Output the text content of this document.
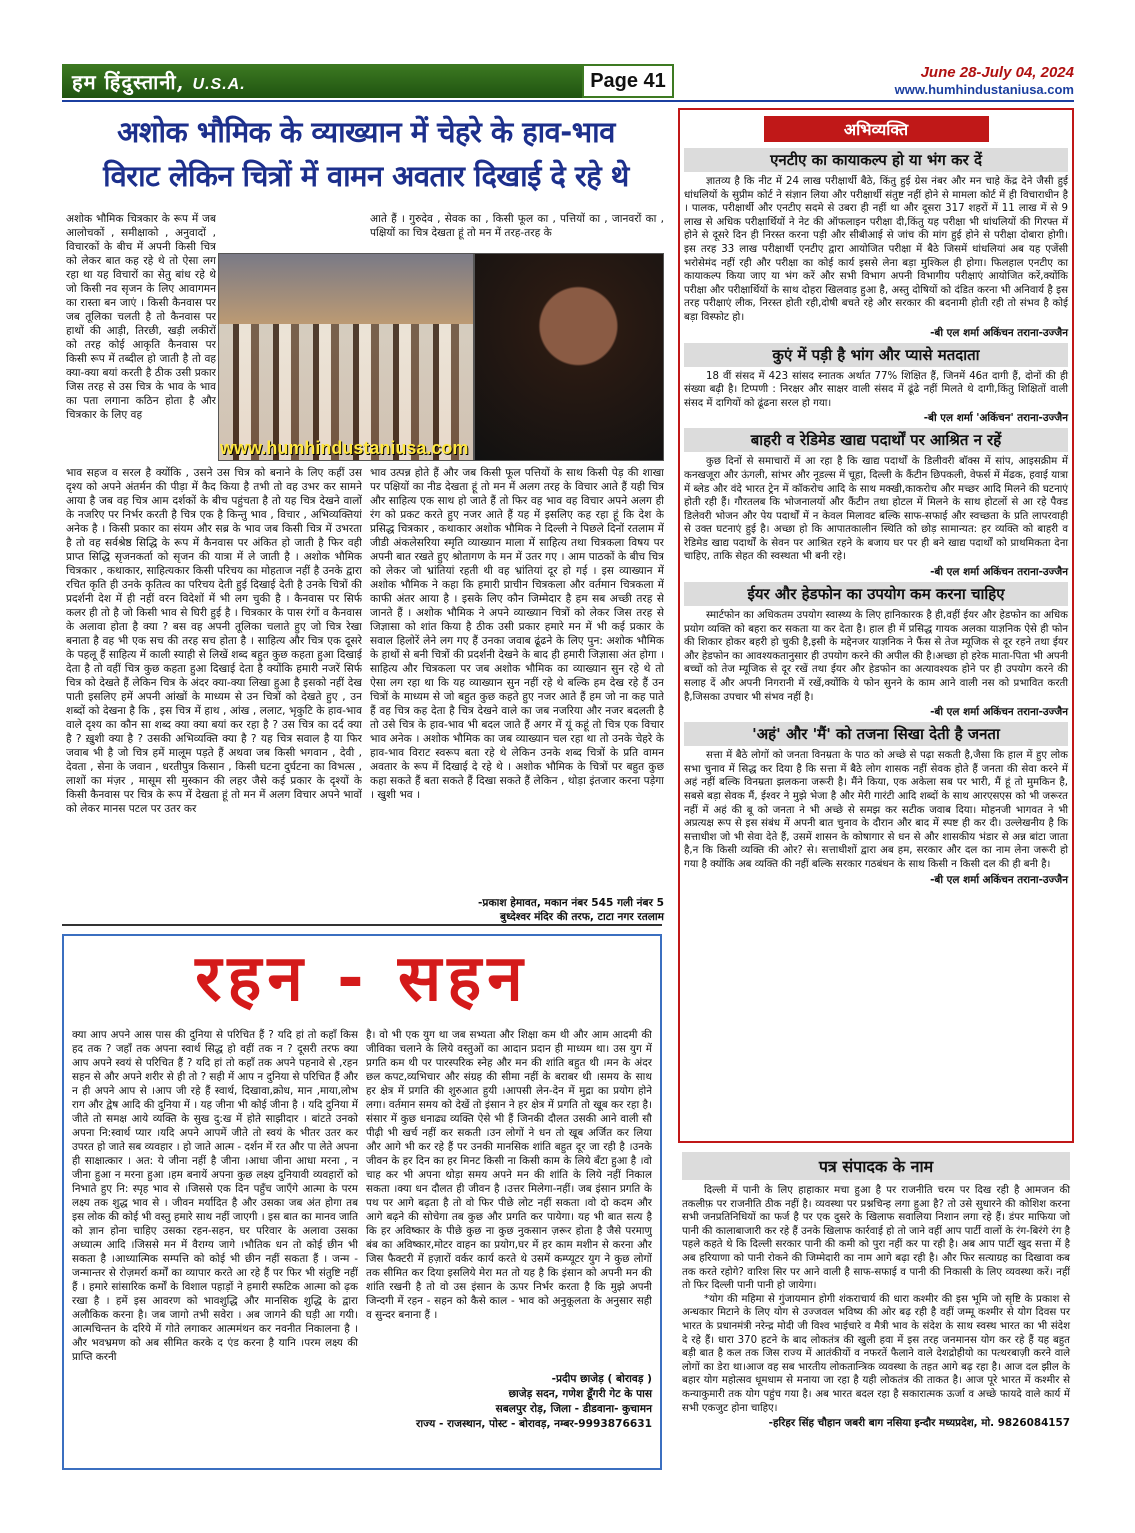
हम हिंदुस्तानी, U.S.A.	Page 41	June 28-July 04, 2024
www.humhindustaniusa.com
अशोक भौमिक के व्याख्यान में चेहरे के हाव-भाव
विराट लेकिन चित्रों में वामन अवतार दिखाई दे रहे थे
अशोक भौमिक चित्रकार के रूप में जब आलोचकों , समीक्षाको , अनुवादों , विचारकों के बीच में अपनी किसी चित्र को लेकर बात कह रहे थे तो ऐसा लग रहा था यह विचारों का सेतु बांध रहे थे जो किसी नव सृजन के लिए आवागमन का रास्ता बन जाएं । किसी कैनवास पर जब तूलिका चलती है तो कैनवास पर हाथों की आड़ी, तिरछी, खड़ी लकीरों को तरह कोई आकृति कैनवास पर किसी रूप में तब्दील हो जाती है तो वह क्या-क्या बयां करती है ठीक उसी प्रकार जिस तरह से उस चित्र के भाव के भाव का पता लगाना कठिन होता है और चित्रकार के लिए वह
आते हैं । गुरुदेव , सेवक का , किसी फूल का , पत्तियों का , जानवरों का , पक्षियों का चित्र देखता हूं तो मन में तरह-तरह के
www.humhindustaniusa.com
भाव सहज व सरल है क्योंकि , उसने उस चित्र को बनाने के लिए कहीं उस दृश्य को अपने अंतर्मन की पीड़ा में कैद किया है तभी तो वह उभर कर सामने आया है जब वह चित्र आम दर्शकों के बीच पहुंचता है तो यह चित्र देखने वालों के नजरिए पर निर्भर करती है चित्र एक है किन्तु भाव , विचार , अभिव्यक्तियां अनेक है । किसी प्रकार का संयम और सब्र के भाव जब किसी चित्र में उभरता है तो वह सर्वश्रेष्ठ सिद्धि के रूप में कैनवास पर अंकित हो जाती है फिर वही प्राप्त सिद्धि सृजनकर्ता को सृजन की यात्रा में ले जाती है । अशोक भौमिक चित्रकार , कथाकार, साहित्यकार किसी परिचय का मोहताज नहीं है उनके द्वारा रचित कृति ही उनके कृतित्व का परिचय देती हुई दिखाई देती है उनके चित्रों की प्रदर्शनी देश में ही नहीं वरन विदेशों में भी लग चुकी है । कैनवास पर सिर्फ कलर ही तो है जो किसी भाव से घिरी हुई है । चित्रकार के पास रंगों व कैनवास के अलावा होता है क्या ? बस वह अपनी तूलिका चलाते हुए जो चित्र रेखा बनाता है वह भी एक सच की तरह सच होता है । साहित्य और चित्र एक दूसरे के पहलू हैं साहित्य में काली स्याही से लिखें शब्द बहुत कुछ कहता हुआ दिखाई देता है तो वहीं चित्र कुछ कहता हुआ दिखाई देता है क्योंकि हमारी नजरें सिर्फ चित्र को देखते हैं लेकिन चित्र के अंदर क्या-क्या लिखा हुआ है इसको नहीं देख पाती इसलिए हमें अपनी आंखों के माध्यम से उन चित्रों को देखते हुए , उन शब्दों को देखना है कि , इस चित्र में हाथ , आंख , ललाट, भृकुटि के हाव-भाव वाले दृश्य का कौन सा शब्द क्या क्या बयां कर रहा है ? उस चित्र का दर्द क्या है ? ख़ुशी क्या है ? उसकी अभिव्यक्ति क्या है ? यह चित्र सवाल है या फिर जवाब भी है जो चित्र हमें मालूम पड़ते हैं अथवा जब किसी भगवान , देवी , देवता , सेना के जवान , धरतीपुत्र किसान , किसी घटना दुर्घटना का विभत्स , लाशों का मंज़र , मासूम सी मुस्कान की लहर जैसे कई प्रकार के दृश्यों के किसी कैनवास पर चित्र के रूप में देखता हूं तो मन में अलग विचार अपने भावों को लेकर मानस पटल पर उतर कर
भाव उत्पन्न होते हैं और जब किसी फूल पत्तियों के साथ किसी पेड़ की शाखा पर पक्षियों का नीड देखता हूं तो मन में अलग तरह के विचार आते हैं यही चित्र और साहित्य एक साथ हो जाते हैं तो फिर वह भाव वह विचार अपने अलग ही रंग को प्रकट करते हुए नजर आते हैं यह में इसलिए कह रहा हूं कि देश के प्रसिद्ध चित्रकार , कथाकार अशोक भौमिक ने दिल्ली ने पिछले दिनों रतलाम में जीडी अंकलेसरिया स्मृति व्याख्यान माला में साहित्य तथा चित्रकला विषय पर अपनी बात रखते हुए श्रोतागण के मन में उतर गए । आम पाठकों के बीच चित्र को लेकर जो भ्रांतियां रहती थी वह भ्रांतियां दूर हो गई । इस व्याख्यान में अशोक भौमिक ने कहा कि हमारी प्राचीन चित्रकला और वर्तमान चित्रकला में काफी अंतर आया है । इसके लिए कौन जिम्मेदार है हम सब अच्छी तरह से जानते हैं । अशोक भौमिक ने अपने व्याख्यान चित्रों को लेकर जिस तरह से जिज्ञासा को शांत किया है ठीक उसी प्रकार हमारे मन में भी कई प्रकार के सवाल हिलोरें लेने लग गए हैं उनका जवाब ढूंढने के लिए पुन: अशोक भौमिक के हाथों से बनी चित्रों की प्रदर्शनी देखने के बाद ही हमारी जिज्ञासा अंत होगा । साहित्य और चित्रकला पर जब अशोक भौमिक का व्याख्यान सुन रहे थे तो ऐसा लग रहा था कि यह व्याख्यान सुन नहीं रहे थे बल्कि हम देख रहे हैं उन चित्रों के माध्यम से जो बहुत कुछ कहते हुए नजर आते हैं हम जो ना कह पाते हैं वह चित्र कह देता है चित्र देखने वाले का जब नजरिया और नजर बदलती है तो उसे चित्र के हाव-भाव भी बदल जाते हैं अगर में यूं कहूं तो चित्र एक विचार भाव अनेक । अशोक भौमिक का जब व्याख्यान चल रहा था तो उनके चेहरे के हाव-भाव विराट स्वरूप बता रहे थे लेकिन उनके शब्द चित्रों के प्रति वामन अवतार के रूप में दिखाई दे रहे थे । अशोक भौमिक के चित्रों पर बहुत कुछ कहा सकते हैं बता सकते हैं दिखा सकते हैं लेकिन , थोड़ा इंतजार करना पड़ेगा । खुशी भव ।
-प्रकाश हेमावत, मकान नंबर 545 गली नंबर 5
बुध्देश्वर मंदिर की तरफ, टाटा नगर रतलाम
अभिव्यक्ति
एनटीए का कायाकल्प हो या भंग कर दें

ज्ञातव्य है कि नीट में 24 लाख परीक्षार्थी बैठे, किंतु हुई ग्रेस नंबर और मन चाहे केंद्र देने जैसी हुई धांधलियों के सुप्रीम कोर्ट ने संज्ञान लिया और परीक्षार्थी संतुष्ट नहीं होने से मामला कोर्ट में ही विचाराधीन है । पालक, परीक्षार्थी और एनटीए सदमे से उबरा ही नहीं था और दूसरा 317 शहरों में 11 लाख में से 9 लाख से अधिक परीक्षार्थियों ने नेट की ऑफलाइन परीक्षा दी,किंतु यह परीक्षा भी धांधलियों की गिरफ्त में होने से दूसरे दिन ही निरस्त करना पड़ी और सीबीआई से जांच की मांग हुई होने से परीक्षा दोबारा होगी। इस तरह 33 लाख परीक्षार्थी एनटीए द्वारा आयोजित परीक्षा में बैठे जिसमें धांधलियां अब यह एजेंसी भरोसेमंद नहीं रही और परीक्षा का कोई कार्य इससे लेना बड़ा मुश्किल ही होगा। फिलहाल एनटीए का कायाकल्प किया जाए या भंग करें और सभी विभाग अपनी विभागीय परीक्षाएं आयोजित करें,क्योंकि परीक्षा और परीक्षार्थियों के साथ दोहरा खिलवाड़ हुआ है, अस्तु दोषियों को दंडित करना भी अनिवार्य है इस तरह परीक्षाएं लीक, निरस्त होती रही,दोषी बचते रहे और सरकार की बदनामी होती रही तो संभव है कोई बड़ा विस्फोट हो।

-बी एल शर्मा अकिंचन तराना-उज्जैन
कुएं में पड़ी है भांग और प्यासे मतदाता

18 वीं संसद में 423 सांसद स्नातक अर्थात 77% शिक्षित हैं, जिनमें 46त दागी हैं, दोनों की ही संख्या बढ़ी है। टिप्पणी : निरक्षर और साक्षर वाली संसद में ढूंढे नहीं मिलते थे दागी,किंतु शिक्षितों वाली संसद में दागियों को ढूंढना सरल हो गया।

-बी एल शर्मा 'अकिंचन' तराना-उज्जैन
बाहरी व रेडिमेड खाद्य पदार्थों पर आश्रित न रहें

कुछ दिनों से समाचारों में आ रहा है कि खाद्य पदार्थों के डिलीवरी बॉक्स में सांप, आइसक्रीम में कनखजूरा और ऊंगली, सांभर और नूडल्स में चूहा, दिल्ली के कैंटीन छिपकली, वेफर्स में मेंढक, हवाई यात्रा में ब्लेड और वंदे भारत ट्रेन में कॉकरोच आदि के साथ मक्खी,काकरोच और मच्छर आदि मिलने की घटनाएं होती रही हैं। गौरतलब कि भोजनालयों और कैंटीन तथा होटल में मिलने के साथ होटलों से आ रहे पैक्ड डिलेवरी भोजन और पेय पदार्थों में न केवल मिलावट बल्कि साफ-सफाई और स्वच्छता के प्रति लापरवाही से उक्त घटनाएं हुई है। अच्छा हो कि आपातकालीन स्थिति को छोड़ सामान्यत: हर व्यक्ति को बाहरी व रेडिमेड खाद्य पदार्थों के सेवन पर आश्रित रहने के बजाय घर पर ही बने खाद्य पदार्थों को प्राथमिकता देना चाहिए, ताकि सेहत की स्वस्थता भी बनी रहे।

-बी एल शर्मा अकिंचन तराना-उज्जैन
ईयर और हेडफोन का उपयोग कम करना चाहिए

स्मार्टफोन का अधिकतम उपयोग स्वास्थ्य के लिए हानिकारक है ही,वहीं ईयर और हेडफोन का अधिक प्रयोग व्यक्ति को बहरा कर सकता या कर देता है। हाल ही में प्रसिद्ध गायक अलका याज्ञनिक ऐसे ही फोन की शिकार होकर बहरी हो चुकी है,इसी के मद्देनजर याज्ञनिक ने फैंस से तेज म्यूजिक से दूर रहने तथा ईयर और हेडफोन का आवश्यकतानुसार ही उपयोग करने की अपील की है।अच्छा हो हरेक माता-पिता भी अपनी बच्चों को तेज म्यूजिक से दूर रखें तथा ईयर और हेडफोन का अत्यावश्यक होने पर ही उपयोग करने की सलाह दें और अपनी निगरानी में रखें,क्योंकि ये फोन सुनने के काम आने वाली नस को प्रभावित करती है,जिसका उपचार भी संभव नहीं है।

-बी एल शर्मा अकिंचन तराना-उज्जैन
'अहं' और 'मैं' को तजना सिखा देती है जनता

सत्ता में बैठे लोगों को जनता विनम्रता के पाठ को अच्छे से पढ़ा सकती है,जैसा कि हाल में हुए लोक सभा चुनाव में सिद्ध कर दिया है कि सत्ता में बैठे लोग शासक नहीं सेवक होते हैं जनता की सेवा करने में अहं नहीं बल्कि विनम्रता झलकना जरूरी है। मैंने किया, एक अकेला सब पर भारी, मैं हूं तो मुमकिन है, सबसे बड़ा सेवक मैं, ईश्वर ने मुझे भेजा है और मेरी गारंटी आदि शब्दों के साथ आरएसएस को भी जरूरत नहीं में अहं की बू को जनता ने भी अच्छे से समझ कर सटीक जवाब दिया। मोहनजी भागवत ने भी अप्रत्यक्ष रूप से इस संबंध में अपनी बात चुनाव के दौरान और बाद में स्पष्ट ही कर दी। उल्लेखनीय है कि सत्ताधीश जो भी सेवा देते हैं, उसमें शासन के कोषागार से धन से और शासकीय भंडार से अन्न बांटा जाता है,न कि किसी व्यक्ति की ओर? से। सत्ताधीशों द्वारा अब हम, सरकार और दल का नाम लेना जरूरी हो गया है क्योंकि अब व्यक्ति की नहीं बल्कि सरकार गठबंधन के साथ किसी न किसी दल की ही बनी है।

-बी एल शर्मा अकिंचन तराना-उज्जैन
पत्र संपादक के नाम

दिल्ली में पानी के लिए हाहाकार मचा हुआ है पर राजनीति चरम पर दिख रही है आमजन की तकलीफ़ पर राजनीति ठीक नहीं है। व्यवस्था पर प्रश्नचिन्ह लगा हुआ है? तो उसे सुधारने की कोशिश करना सभी जनप्रतिनिधियों का फर्ज है पर एक दुसरे के खिलाफ सवालिया निशान लगा रहे हैं। डंपर माफिया जो पानी की कालाबाजारी कर रहे हैं उनके खिलाफ कार्रवाई हो तो जाने वहीं आप पार्टी वालों के रंग-बिरंगे रंग है पहले कहते थे कि दिल्ली सरकार पानी की कमी को पुरा नहीं कर पा रही है। अब आप पार्टी खुद सत्ता में है अब हरियाणा को पानी रोकने की जिम्मेदारी का नाम आगे बढ़ा रही है। और फिर सत्याग्रह का दिखावा कब तक करते रहोगे? वारिश सिर पर आने वाली है साफ-सफाई व पानी की निकासी के लिए व्यवस्था करें। नहीं तो फिर दिल्ली पानी पानी हो जायेगा।

*योग की महिमा से गुंजायमान होगी शंकराचार्य की धारा कश्मीर की इस भूमि जो सृष्टि के प्रकाश से अन्धकार मिटाने के लिए योग से उज्जवल भविष्य की ओर बढ़ रही है वहीं जम्मू कश्मीर से योग दिवस पर भारत के प्रधानमंत्री नरेन्द्र मोदी जी विश्व भाईचारे व मैत्री भाव के संदेश के साथ स्वस्थ भारत का भी संदेश दे रहे हैं। धारा 370 हटने के बाद लोकतंत्र की खुली हवा में इस तरह जनमानस योग कर रहे हैं यह बहुत बड़ी बात है कल तक जिस राज्य में आतंकीयों व नफरतें फैलाने वाले देशद्रोहीयो का पत्थरबाज़ी करने वाले लोगों का डेरा था।आज वह सब भारतीय लोकतान्त्रिक व्यवस्था के तहत आगे बढ़ रहा है। आज दल झील के बहार योग महोत्सव धूमधाम से मनाया जा रहा है यही लोकतंत्र की ताकत है। आज पूरे भारत में कश्मीर से कन्याकुमारी तक योग पहुंच गया है। अब भारत बदल रहा है सकारात्मक ऊर्जा व अच्छे फायदे वाले कार्य में सभी एकजुट होना चाहिए।

-हरिहर सिंह चौहान जबरी बाग नसिया इन्दौर मध्यप्रदेश, मो. 9826084157
रहन - सहन
क्या आप अपने आस पास की दुनिया से परिचित हैं ? यदि हां तो कहाँ किस हद तक ? जहाँ तक अपना स्वार्थ सिद्ध हो वहीं तक न ? दूसरी तरफ क्या आप अपने स्वयं से परिचित हैं ? यदि हां तो कहाँ तक अपने पहनावे से ,रहन सहन से और अपने शरीर से ही तो ? सही में आप न दुनिया से परिचित हैं और न ही अपने आप से ।आप जी रहे हैं स्वार्थ, दिखावा,क्रोध, मान ,माया,लोभ राग और द्वेष आदि की दुनिया में । यह जीना भी कोई जीना है । यदि दुनिया में जीते तो समक्ष आये व्यक्ति के सुख दु:ख में होते साझीदार । बांटते उनको अपना नि:स्वार्थ प्यार ।यदि अपने आपमें जीते तो स्वयं के भीतर उतर कर उपरत हो जाते सब व्यवहार । हो जाते आत्म - दर्शन में रत और पा लेते अपना ही साक्षात्कार । अत: ये जीना नहीं है जीना ।आधा जीना आधा मरना , न जीना हुआ न मरना हुआ ।हम बनायें अपना कुछ लक्ष्य दुनियावी व्यवहारों को निभाते हुए नि: स्पृह भाव से ।जिससे एक दिन पहुँच जाएँगे आत्मा के परम लक्ष्य तक शुद्ध भाव से । जीवन मर्यादित है और उसका जब अंत होगा तब इस लोक की कोई भी वस्तु हमारे साथ नहीं जाएगी । इस बात का मानव जाति को ज्ञान होना चाहिए उसका रहन-सहन, घर परिवार के अलावा उसका अध्यात्म आदि ।जिससे मन में वैराग्य जागे ।भौतिक धन तो कोई छीन भी सकता है ।आध्यात्मिक सम्पत्ति को कोई भी छीन नहीं सकता हैं । जन्म - जन्मान्तर से रोज़मर्रा कर्मों का व्यापार करते आ रहे हैं पर फिर भी संतुष्टि नहीं हैं । हमारे सांसारिक कर्मों के विशाल पहाड़ों ने हमारी स्फटिक आत्मा को ढ़क रखा है । हमें इस आवरण को भावशुद्धि और मानसिक शुद्धि के द्वारा अलौकिक करना है। जब जागो तभी सवेरा । अब जागने की घड़ी आ गयी। आत्मचिन्तन के दरिये में गोते लगाकर आत्ममंथन कर नवनीत निकालना है ।और भवभ्रमण को अब सीमित करके द एंड करना है यानि ।परम लक्ष्य की प्राप्ति करनी
है। वो भी एक युग था जब सभ्यता और शिक्षा कम थी और आम आदमी की जीविका चलाने के लिये वस्तुओं का आदान प्रदान ही माध्यम था। उस युग में प्रगति कम थी पर पारस्परिक स्नेह और मन की शांति बहुत थी ।मन के अंदर छल कपट,व्यभिचार और संग्रह की सीमा नहीं के बराबर थी ।समय के साथ हर क्षेत्र में प्रगति की शुरुआत हुयी ।आपसी लेन-देन में मुद्रा का प्रयोग होने लगा। वर्तमान समय को देखें तो इंसान ने हर क्षेत्र में प्रगति तो खूब कर रहा है।संसार में कुछ धनाढ्य व्यक्ति ऐसे भी हैं जिनकी दौलत उसकी आने वाली सौ पीढ़ी भी खर्च नहीं कर सकती ।उन लोगों ने धन तो खूब अर्जित कर लिया और आगे भी कर रहे हैं पर उनकी मानसिक शांति बहुत दूर जा रही है ।उनके जीवन के हर दिन का हर मिनट किसी ना किसी काम के लिये बँटा हुआ है ।वो चाह कर भी अपना थोड़ा समय अपने मन की शांति के लिये नहीं निकाल सकता ।क्या धन दौलत ही जीवन है ।उत्तर मिलेगा-नहीं। जब इंसान प्रगति के पथ पर आगे बढ़ता है तो वो फिर पीछे लोट नहीं सकता ।वो दो कदम और आगे बढ़ने की सोचेगा तब कुछ और प्रगति कर पायेगा। यह भी बात सत्य है कि हर अविष्कार के पीछे कुछ ना कुछ नुकसान ज़रूर होता है जैसे परमाणु बंब का अविष्कार,मोटर वाहन का प्रयोग,घर में हर काम मशीन से करना और जिस फैक्टरी में हज़ारों वर्कर कार्य करते थे उसमें कम्प्यूटर युग ने कुछ लोगों तक सीमित कर दिया इसलिये मेरा मत तो यह है कि इंसान को अपनी मन की शांति रखनी है तो वो उस इंसान के ऊपर निर्भर करता है कि मुझे अपनी जिन्दगी में रहन - सहन को कैसे काल - भाव को अनुकूलता के अनुसार सही व सुन्दर बनाना हैं ।
-प्रदीप छाजेड़ ( बोरावड़ )
छाजेड़ सदन, गणेश डूँगरी गेट के पास
सबलपुर रोड़, जिला - डीडवाना- कुचामन
राज्य - राजस्थान, पोस्ट - बोरावड़, नम्बर-9993876631
